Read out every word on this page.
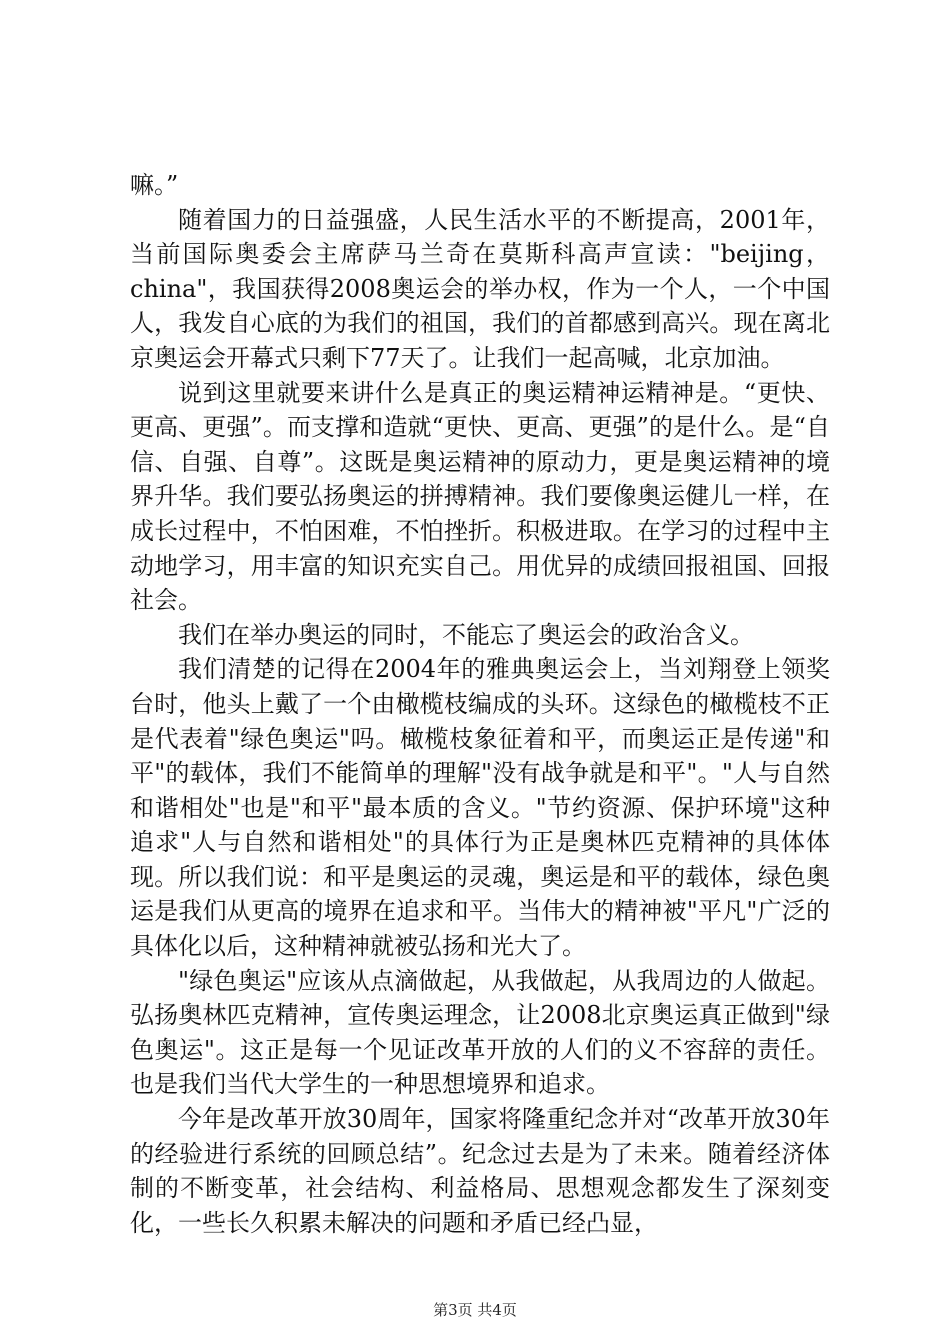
嘛。”

随着国力的日益强盛，人民生活水平的不断提高，2001年，当前国际奥委会主席萨马兰奇在莫斯科高声宣读："beijing，china"，我国获得2008奥运会的举办权，作为一个人，一个中国人，我发自心底的为我们的祖国，我们的首都感到高兴。现在离北京奥运会开幕式只剩下77天了。让我们一起高喊，北京加油。

说到这里就要来讲什么是真正的奥运精神运精神是。“更快、更高、更强”。而支撑和造就“更快、更高、更强”的是什么。是“自信、自强、自尊”。这既是奥运精神的原动力，更是奥运精神的境界升华。我们要弘扬奥运的拼搏精神。我们要像奥运健儿一样，在成长过程中，不怕困难，不怕挫折。积极进取。在学习的过程中主动地学习，用丰富的知识充实自己。用优异的成绩回报祖国、回报社会。

我们在举办奥运的同时，不能忘了奥运会的政治含义。

我们清楚的记得在2004年的雅典奥运会上，当刘翔登上领奖台时，他头上戴了一个由橄榄枝编成的头环。这绿色的橄榄枝不正是代表着"绿色奥运"吗。橄榄枝象征着和平，而奥运正是传递"和平"的载体，我们不能简单的理解"没有战争就是和平"。"人与自然和谐相处"也是"和平"最本质的含义。"节约资源、保护环境"这种追求"人与自然和谐相处"的具体行为正是奥林匹克精神的具体体现。所以我们说：和平是奥运的灵魂，奥运是和平的载体，绿色奥运是我们从更高的境界在追求和平。当伟大的精神被"平凡"广泛的具体化以后，这种精神就被弘扬和光大了。

"绿色奥运"应该从点滴做起，从我做起，从我周边的人做起。弘扬奥林匹克精神，宣传奥运理念，让2008北京奥运真正做到"绿色奥运"。这正是每一个见证改革开放的人们的义不容辞的责任。也是我们当代大学生的一种思想境界和追求。

今年是改革开放30周年，国家将隆重纪念并对“改革开放30年的经验进行系统的回顾总结”。纪念过去是为了未来。随着经济体制的不断变革，社会结构、利益格局、思想观念都发生了深刻变化，一些长久积累未解决的问题和矛盾已经凸显，

第3页 共4页
